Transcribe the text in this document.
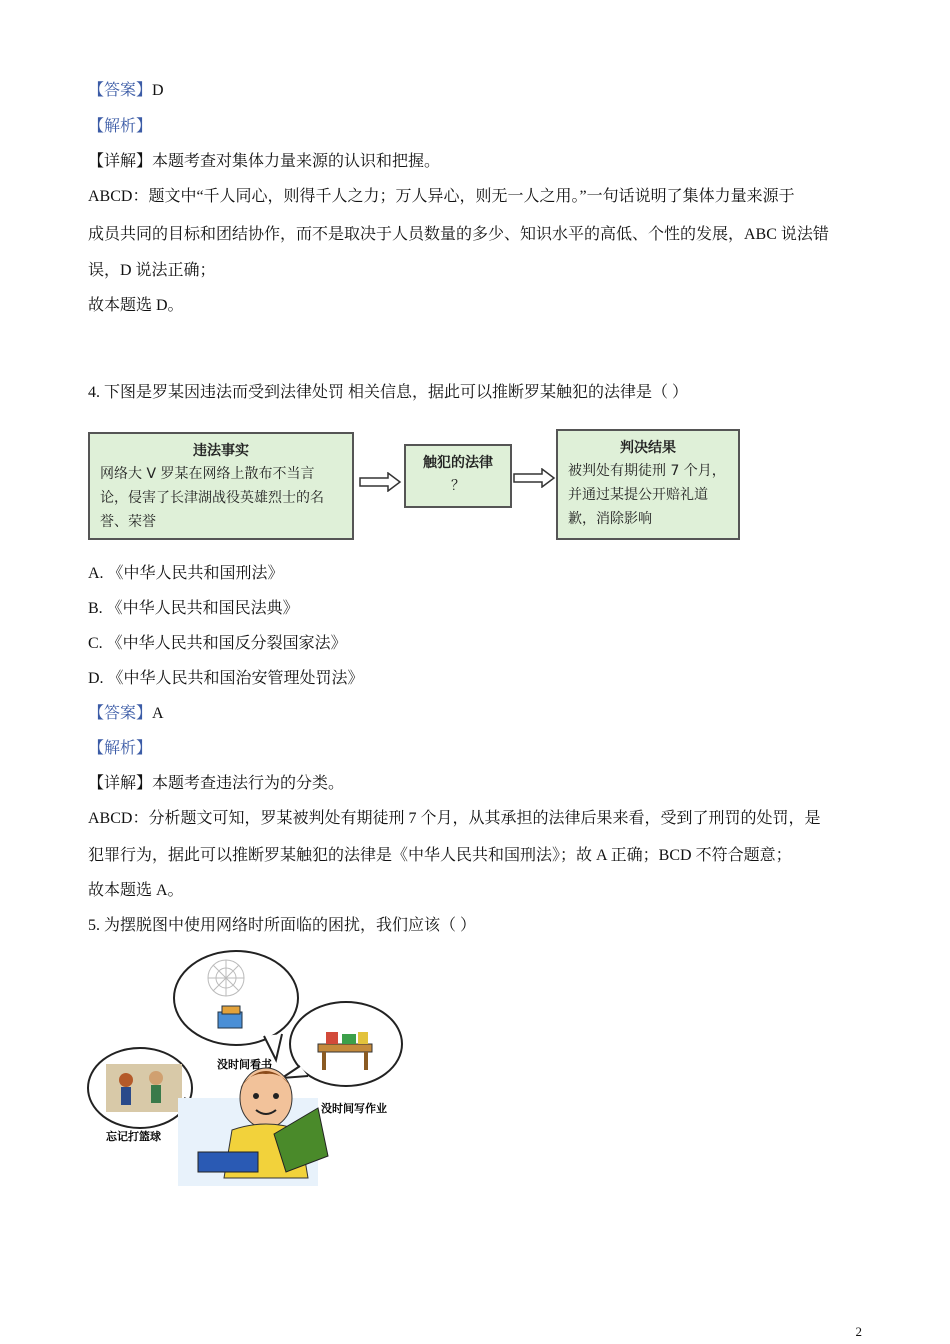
【答案】D
【解析】
【详解】本题考查对集体力量来源的认识和把握。
ABCD：题文中“千人同心，则得千人之力；万人异心，则无一人之用。”一句话说明了集体力量来源于
成员共同的目标和团结协作，而不是取决于人员数量的多少、知识水平的高低、个性的发展，ABC 说法错
误，D 说法正确；
故本题选 D。
4. 下图是罗某因违法而受到法律处罚 相关信息，据此可以推断罗某触犯的法律是（ ）
违法事实
网络大 V 罗某在网络上散布不当言论，侵害了长津湖战役英雄烈士的名誉、荣誉
触犯的法律
？
判决结果
被判处有期徒刑 7 个月，并通过某提公开赔礼道歉，消除影响
A. 《中华人民共和国刑法》
B. 《中华人民共和国民法典》
C. 《中华人民共和国反分裂国家法》
D. 《中华人民共和国治安管理处罚法》
【答案】A
【解析】
【详解】本题考查违法行为的分类。
ABCD：分析题文可知，罗某被判处有期徒刑 7 个月，从其承担的法律后果来看，受到了刑罚的处罚，是
犯罪行为，据此可以推断罗某触犯的法律是《中华人民共和国刑法》；故 A 正确；BCD 不符合题意；
故本题选 A。
5. 为摆脱图中使用网络时所面临的困扰，我们应该（ ）
没时间看书
没时间写作业
忘记打篮球
2
